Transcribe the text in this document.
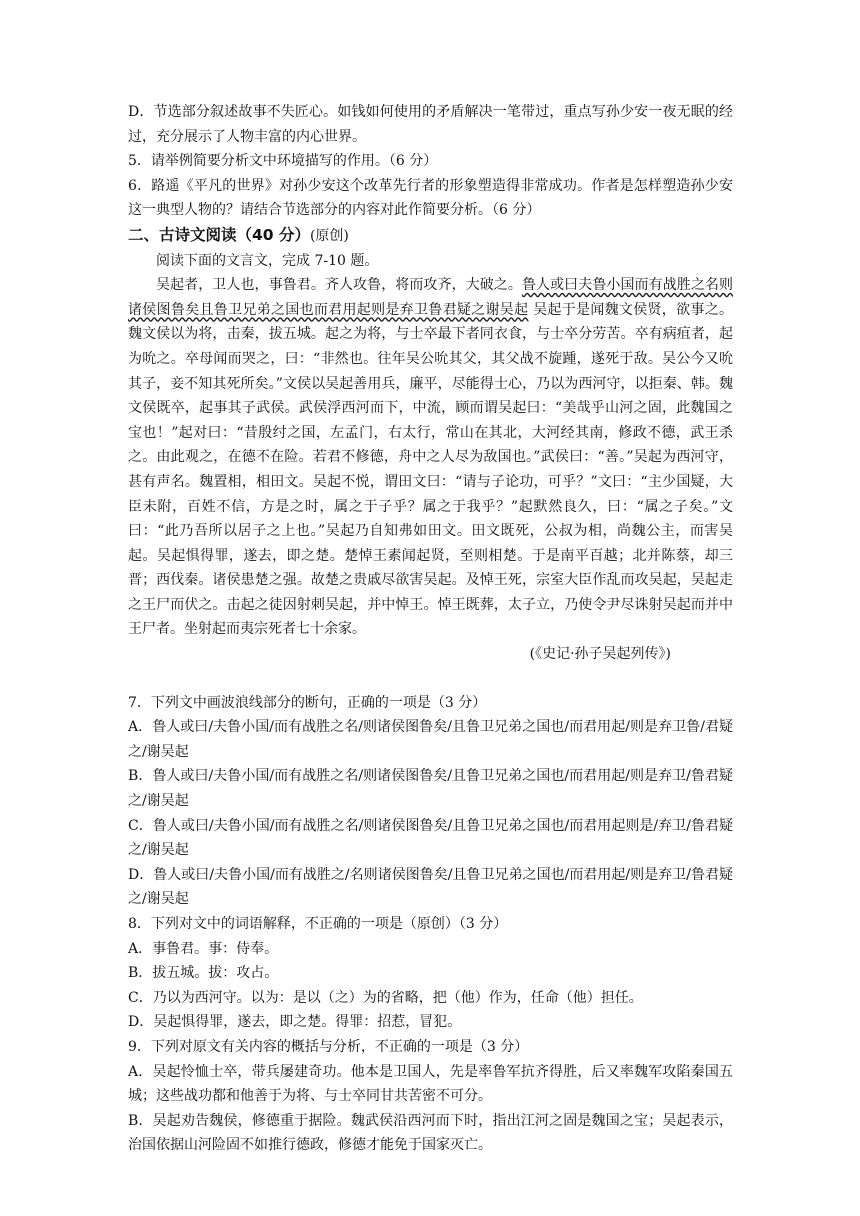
D．节选部分叙述故事不失匠心。如钱如何使用的矛盾解决一笔带过，重点写孙少安一夜无眠的经过，充分展示了人物丰富的内心世界。

5．请举例简要分析文中环境描写的作用。（6 分）

6．路遥《平凡的世界》对孙少安这个改革先行者的形象塑造得非常成功。作者是怎样塑造孙少安这一典型人物的？请结合节选部分的内容对此作简要分析。（6 分）

二、古诗文阅读（40 分）(原创)

阅读下面的文言文，完成 7-10 题。

吴起者，卫人也，事鲁君。齐人攻鲁，将而攻齐，大破之。鲁人或曰夫鲁小国而有战胜之名则诸侯图鲁矣且鲁卫兄弟之国也而君用起则是弃卫鲁君疑之谢吴起 吴起于是闻魏文侯贤，欲事之。魏文侯以为将，击秦，拔五城。起之为将，与士卒最下者同衣食，与士卒分劳苦。卒有病疽者，起为吮之。卒母闻而哭之，曰：“非然也。往年吴公吮其父，其父战不旋踵，遂死于敌。吴公今又吮其子，妾不知其死所矣。”文侯以吴起善用兵，廉平，尽能得士心，乃以为西河守，以拒秦、韩。魏文侯既卒，起事其子武侯。武侯浮西河而下，中流，顾而谓吴起曰：“美哉乎山河之固，此魏国之宝也！”起对曰：“昔殷纣之国，左孟门，右太行，常山在其北，大河经其南，修政不德，武王杀之。由此观之，在德不在险。若君不修德，舟中之人尽为敌国也。”武侯曰：“善。”吴起为西河守，甚有声名。魏置相，相田文。吴起不悦，谓田文曰：“请与子论功，可乎？”文曰：“主少国疑，大臣未附，百姓不信，方是之时，属之于子乎？属之于我乎？”起默然良久，曰：“属之子矣。”文曰：“此乃吾所以居子之上也。”吴起乃自知弗如田文。田文既死，公叔为相，尚魏公主，而害吴起。吴起惧得罪，遂去，即之楚。楚悼王素闻起贤，至则相楚。于是南平百越；北并陈蔡，却三晋；西伐秦。诸侯患楚之强。故楚之贵戚尽欲害吴起。及悼王死，宗室大臣作乱而攻吴起，吴起走之王尸而伏之。击起之徒因射刺吴起，并中悼王。悼王既葬，太子立，乃使令尹尽诛射吴起而并中王尸者。坐射起而夷宗死者七十余家。

(《史记·孙子吴起列传》)

7．下列文中画波浪线部分的断句，正确的一项是（3 分）

A．鲁人或曰/夫鲁小国/而有战胜之名/则诸侯图鲁矣/且鲁卫兄弟之国也/而君用起/则是弃卫鲁/君疑之/谢吴起

B．鲁人或曰/夫鲁小国/而有战胜之名/则诸侯图鲁矣/且鲁卫兄弟之国也/而君用起/则是弃卫/鲁君疑之/谢吴起

C．鲁人或曰/夫鲁小国/而有战胜之名/则诸侯图鲁矣/且鲁卫兄弟之国也/而君用起则是/弃卫/鲁君疑之/谢吴起

D．鲁人或曰/夫鲁小国/而有战胜之/名则诸侯图鲁矣/且鲁卫兄弟之国也/而君用起/则是弃卫/鲁君疑之/谢吴起

8．下列对文中的词语解释，不正确的一项是（原创）（3 分）

A．事鲁君。事：侍奉。

B．拔五城。拔：攻占。

C．乃以为西河守。以为：是以（之）为的省略，把（他）作为，任命（他）担任。

D．吴起惧得罪，遂去，即之楚。得罪：招惹，冒犯。

9．下列对原文有关内容的概括与分析，不正确的一项是（3 分）

A．吴起怜恤士卒，带兵屡建奇功。他本是卫国人，先是率鲁军抗齐得胜，后又率魏军攻陷秦国五城；这些战功都和他善于为将、与士卒同甘共苦密不可分。

B．吴起劝告魏侯，修德重于据险。魏武侯沿西河而下时，指出江河之固是魏国之宝；吴起表示，治国依据山河险固不如推行德政，修德才能免于国家灭亡。
